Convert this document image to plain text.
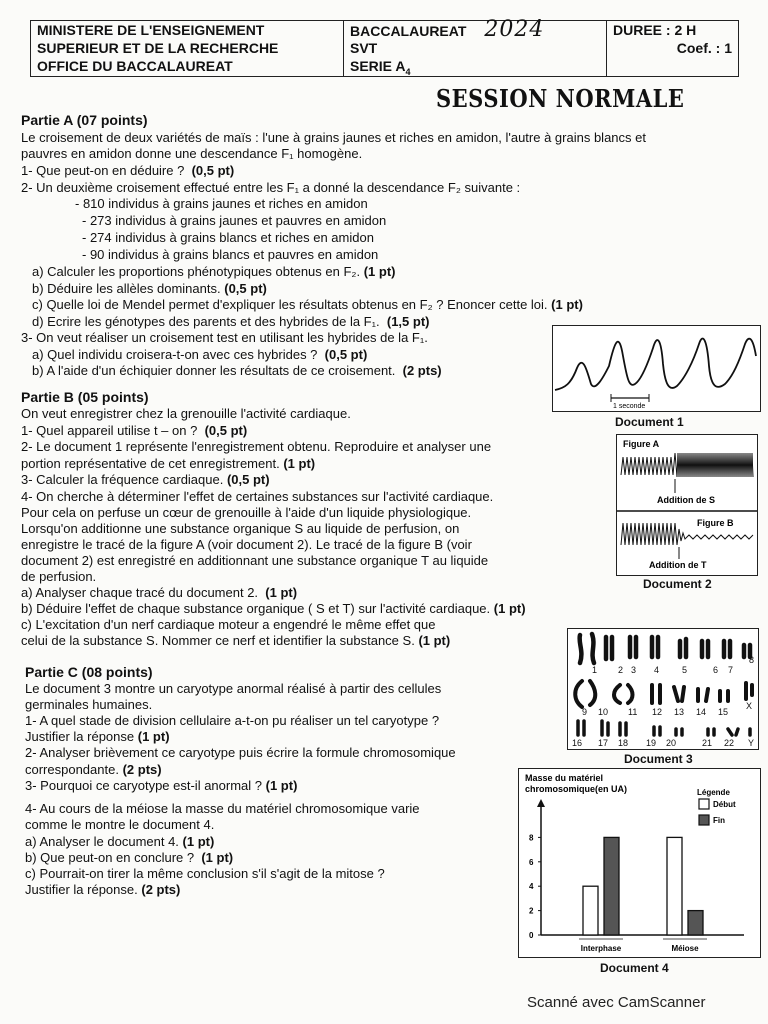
MINISTERE DE L'ENSEIGNEMENT
SUPERIEUR ET DE LA RECHERCHE
OFFICE DU BACCALAUREAT

BACCALAUREAT 2024
SVT
SERIE $A_4$

DUREE : 2 H
Coef. : 1
SESSION NORMALE
Partie A (07 points)
Le croisement de deux variétés de maïs : l'une à grains jaunes et riches en amidon, l'autre à grains blancs et
pauvres en amidon donne une descendance F₁ homogène.
1- Que peut-on en déduire ? (0,5 pt)
2- Un deuxième croisement effectué entre les F₁ a donné la descendance F₂ suivante :
- 810 individus à grains jaunes et riches en amidon
- 273 individus à grains jaunes et pauvres en amidon
- 274 individus à grains blancs et riches en amidon
- 90 individus à grains blancs et pauvres en amidon
a) Calculer les proportions phénotypiques obtenus en F₂. (1 pt)
b) Déduire les allèles dominants. (0,5 pt)
c) Quelle loi de Mendel permet d'expliquer les résultats obtenus en F₂ ? Enoncer cette loi. (1 pt)
d) Ecrire les génotypes des parents et des hybrides de la F₁. (1,5 pt)
3- On veut réaliser un croisement test en utilisant les hybrides de la F₁.
a) Quel individu croisera-t-on avec ces hybrides ? (0,5 pt)
b) A l'aide d'un échiquier donner les résultats de ce croisement. (2 pts)
Partie B (05 points)
On veut enregistrer chez la grenouille l'activité cardiaque.
1- Quel appareil utilise t – on ? (0,5 pt)
2- Le document 1 représente l'enregistrement obtenu. Reproduire et analyser une
portion représentative de cet enregistrement. (1 pt)
3- Calculer la fréquence cardiaque. (0,5 pt)
4- On cherche à déterminer l'effet de certaines substances sur l'activité cardiaque.
Pour cela on perfuse un cœur de grenouille à l'aide d'un liquide physiologique.
Lorsqu'on additionne une substance organique S au liquide de perfusion, on
enregistre le tracé de la figure A (voir document 2). Le tracé de la figure B (voir
document 2) est enregistré en additionnant une substance organique T au liquide
de perfusion.
a) Analyser chaque tracé du document 2. (1 pt)
b) Déduire l'effet de chaque substance organique ( S et T) sur l'activité cardiaque. (1 pt)
c) L'excitation d'un nerf cardiaque moteur a engendré le même effet que
celui de la substance S. Nommer ce nerf et identifier la substance S. (1 pt)
Partie C (08 points)
Le document 3 montre un caryotype anormal réalisé à partir des cellules
germinales humaines.
1- A quel stade de division cellulaire a-t-on pu réaliser un tel caryotype ?
Justifier la réponse (1 pt)
2- Analyser brièvement ce caryotype puis écrire la formule chromosomique
correspondante. (2 pts)
3- Pourquoi ce caryotype est-il anormal ? (1 pt)
4- Au cours de la méiose la masse du matériel chromosomique varie
comme le montre le document 4.
a) Analyser le document 4. (1 pt)
b) Que peut-on en conclure ? (1 pt)
c) Pourrait-on tirer la même conclusion s'il s'agit de la mitose ?
Justifier la réponse. (2 pts)
1 seconde
Document 1
Figure A
Addition de S
Figure B
Addition de T
Document 2
1 2 3 4	5	6 7
8
9 10 11 12 13 14 15
X
16 17 18 19 20	21 22 Y
Document 3
Masse du matériel
chromosomique(en UA)	Légende
Début
Fin
0
2
4
6
8
Interphase	Méiose
Document 4
Scanné avec CamScanner
